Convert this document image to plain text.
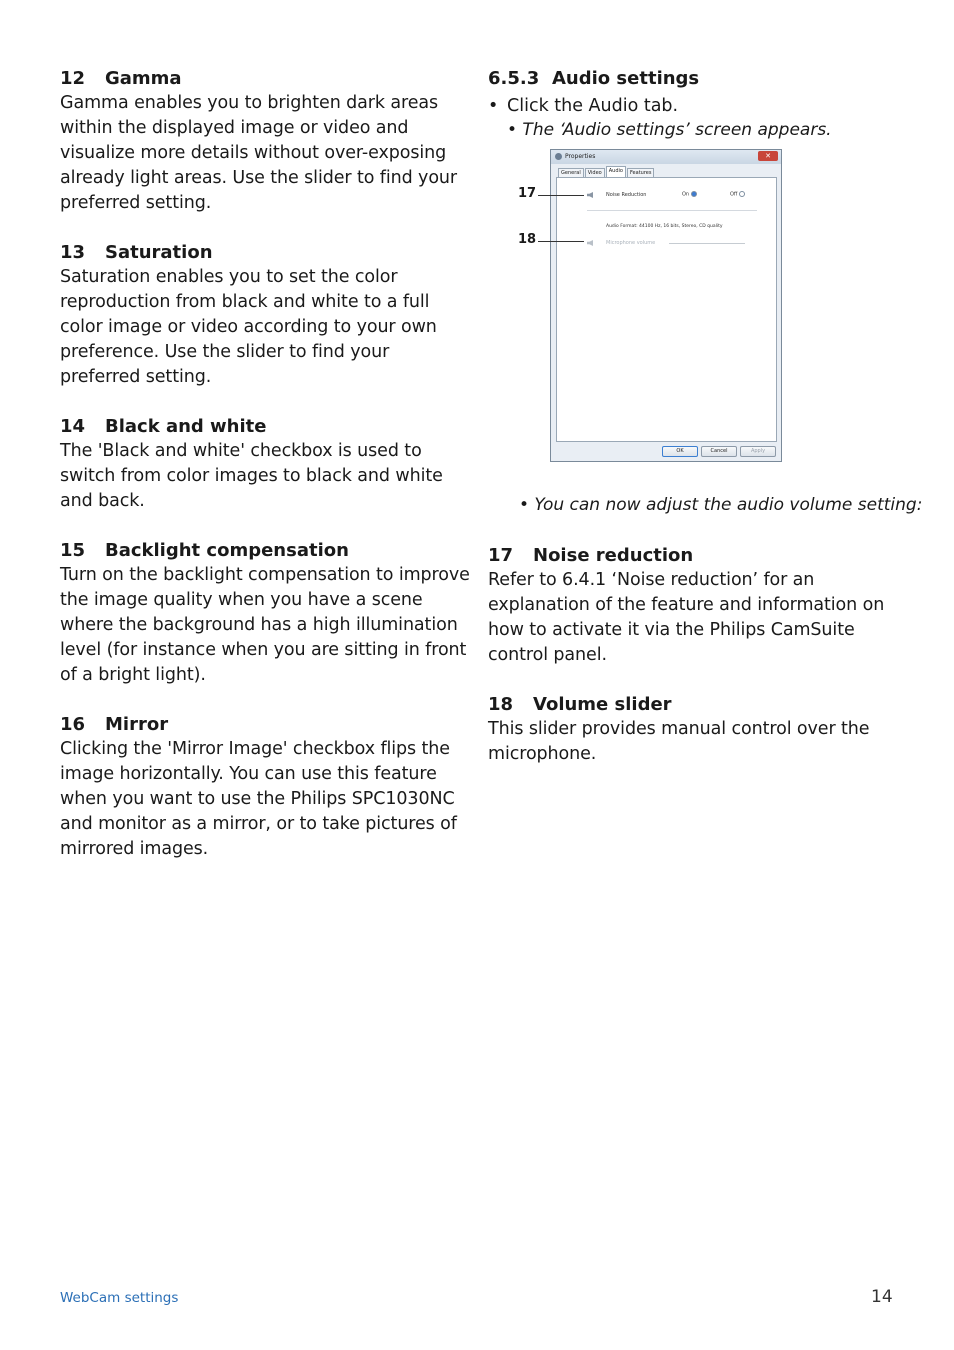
12 Gamma

Gamma enables you to brighten dark areas within the displayed image or video and visualize more details without over-exposing already light areas. Use the slider to find your preferred setting.

13 Saturation

Saturation enables you to set the color reproduction from black and white to a full color image or video according to your own preference. Use the slider to find your preferred setting.

14 Black and white

The 'Black and white' checkbox is used to switch from color images to black and white and back.

15 Backlight compensation

Turn on the backlight compensation to improve the image quality when you have a scene where the background has a high illumination level (for instance when you are sitting in front of a bright light).

16 Mirror

Clicking the 'Mirror Image' checkbox flips the image horizontally. You can use this feature when you want to use the Philips SPC1030NC and monitor as a mirror, or to take pictures of mirrored images.

6.5.3 Audio settings

• Click the Audio tab.
• The ‘Audio settings’ screen appears.
Properties	✕
General	Video	Audio	Features
Noise Reduction	On	Off
Audio Format: 44100 Hz, 16 bits, Stereo, CD quality
Microphone volume
OK	Cancel	Apply
17
18
• You can now adjust the audio volume setting:

17 Noise reduction

Refer to 6.4.1 ‘Noise reduction’ for an explanation of the feature and information on how to activate it via the Philips CamSuite control panel.

18 Volume slider

This slider provides manual control over the microphone.

WebCam settings	14
